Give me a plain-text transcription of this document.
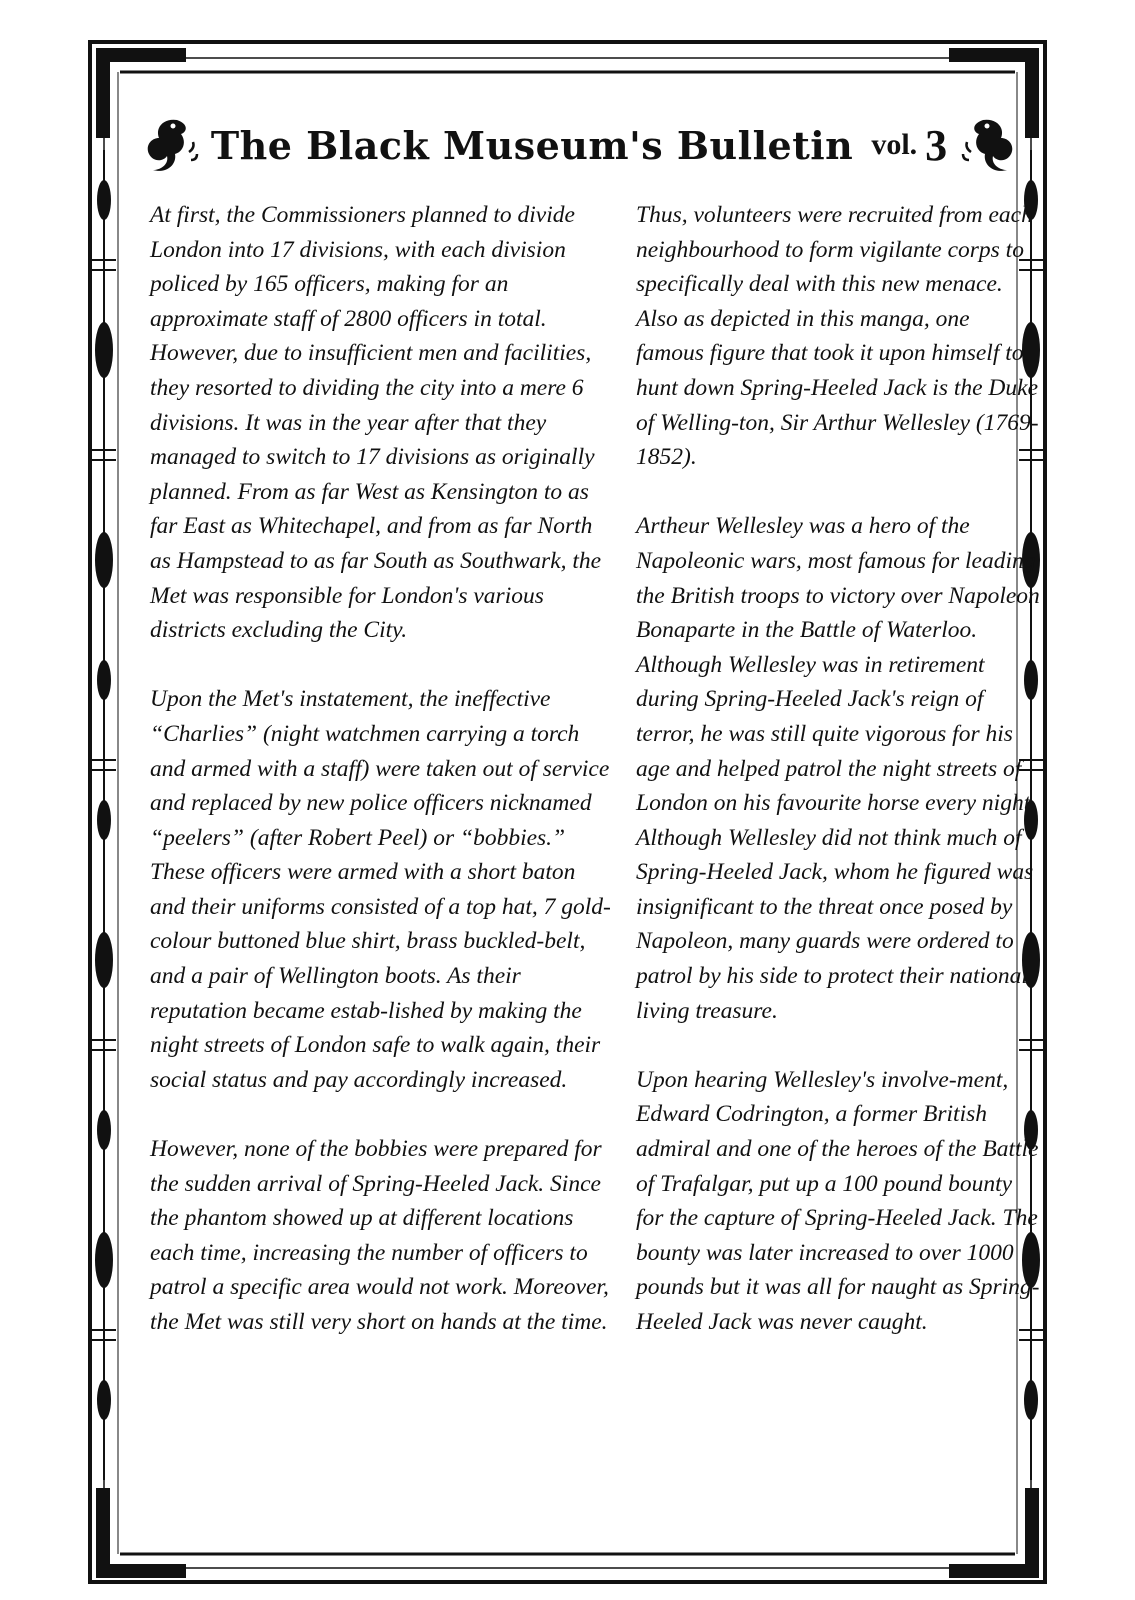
The Black Museum's Bulletin vol. 3

At first, the Commissioners planned to divide London into 17 divisions, with each division policed by 165 officers, making for an approximate staff of 2800 officers in total. However, due to insufficient men and facilities, they resorted to dividing the city into a mere 6 divisions. It was in the year after that they managed to switch to 17 divisions as originally planned. From as far West as Kensington to as far East as Whitechapel, and from as far North as Hampstead to as far South as Southwark, the Met was responsible for London's various districts excluding the City.

Upon the Met's instatement, the ineffective “Charlies” (night watchmen carrying a torch and armed with a staff) were taken out of service and replaced by new police officers nicknamed “peelers” (after Robert Peel) or “bobbies.” These officers were armed with a short baton and their uniforms consisted of a top hat, 7 gold-colour buttoned blue shirt, brass buckled-belt, and a pair of Wellington boots. As their reputation became estab-lished by making the night streets of London safe to walk again, their social status and pay accordingly increased.

However, none of the bobbies were prepared for the sudden arrival of Spring-Heeled Jack. Since the phantom showed up at different locations each time, increasing the number of officers to patrol a specific area would not work. Moreover, the Met was still very short on hands at the time.

Thus, volunteers were recruited from each neighbourhood to form vigilante corps to specifically deal with this new menace. Also as depicted in this manga, one famous figure that took it upon himself to hunt down Spring-Heeled Jack is the Duke of Welling-ton, Sir Arthur Wellesley (1769-1852).

Artheur Wellesley was a hero of the Napoleonic wars, most famous for leading the British troops to victory over Napoleon Bonaparte in the Battle of Waterloo. Although Wellesley was in retirement during Spring-Heeled Jack's reign of terror, he was still quite vigorous for his age and helped patrol the night streets of London on his favourite horse every night. Although Wellesley did not think much of Spring-Heeled Jack, whom he figured was insignificant to the threat once posed by Napoleon, many guards were ordered to patrol by his side to protect their national living treasure.

Upon hearing Wellesley's involve-ment, Edward Codrington, a former British admiral and one of the heroes of the Battle of Trafalgar, put up a 100 pound bounty for the capture of Spring-Heeled Jack. The bounty was later increased to over 1000 pounds but it was all for naught as Spring-Heeled Jack was never caught.
